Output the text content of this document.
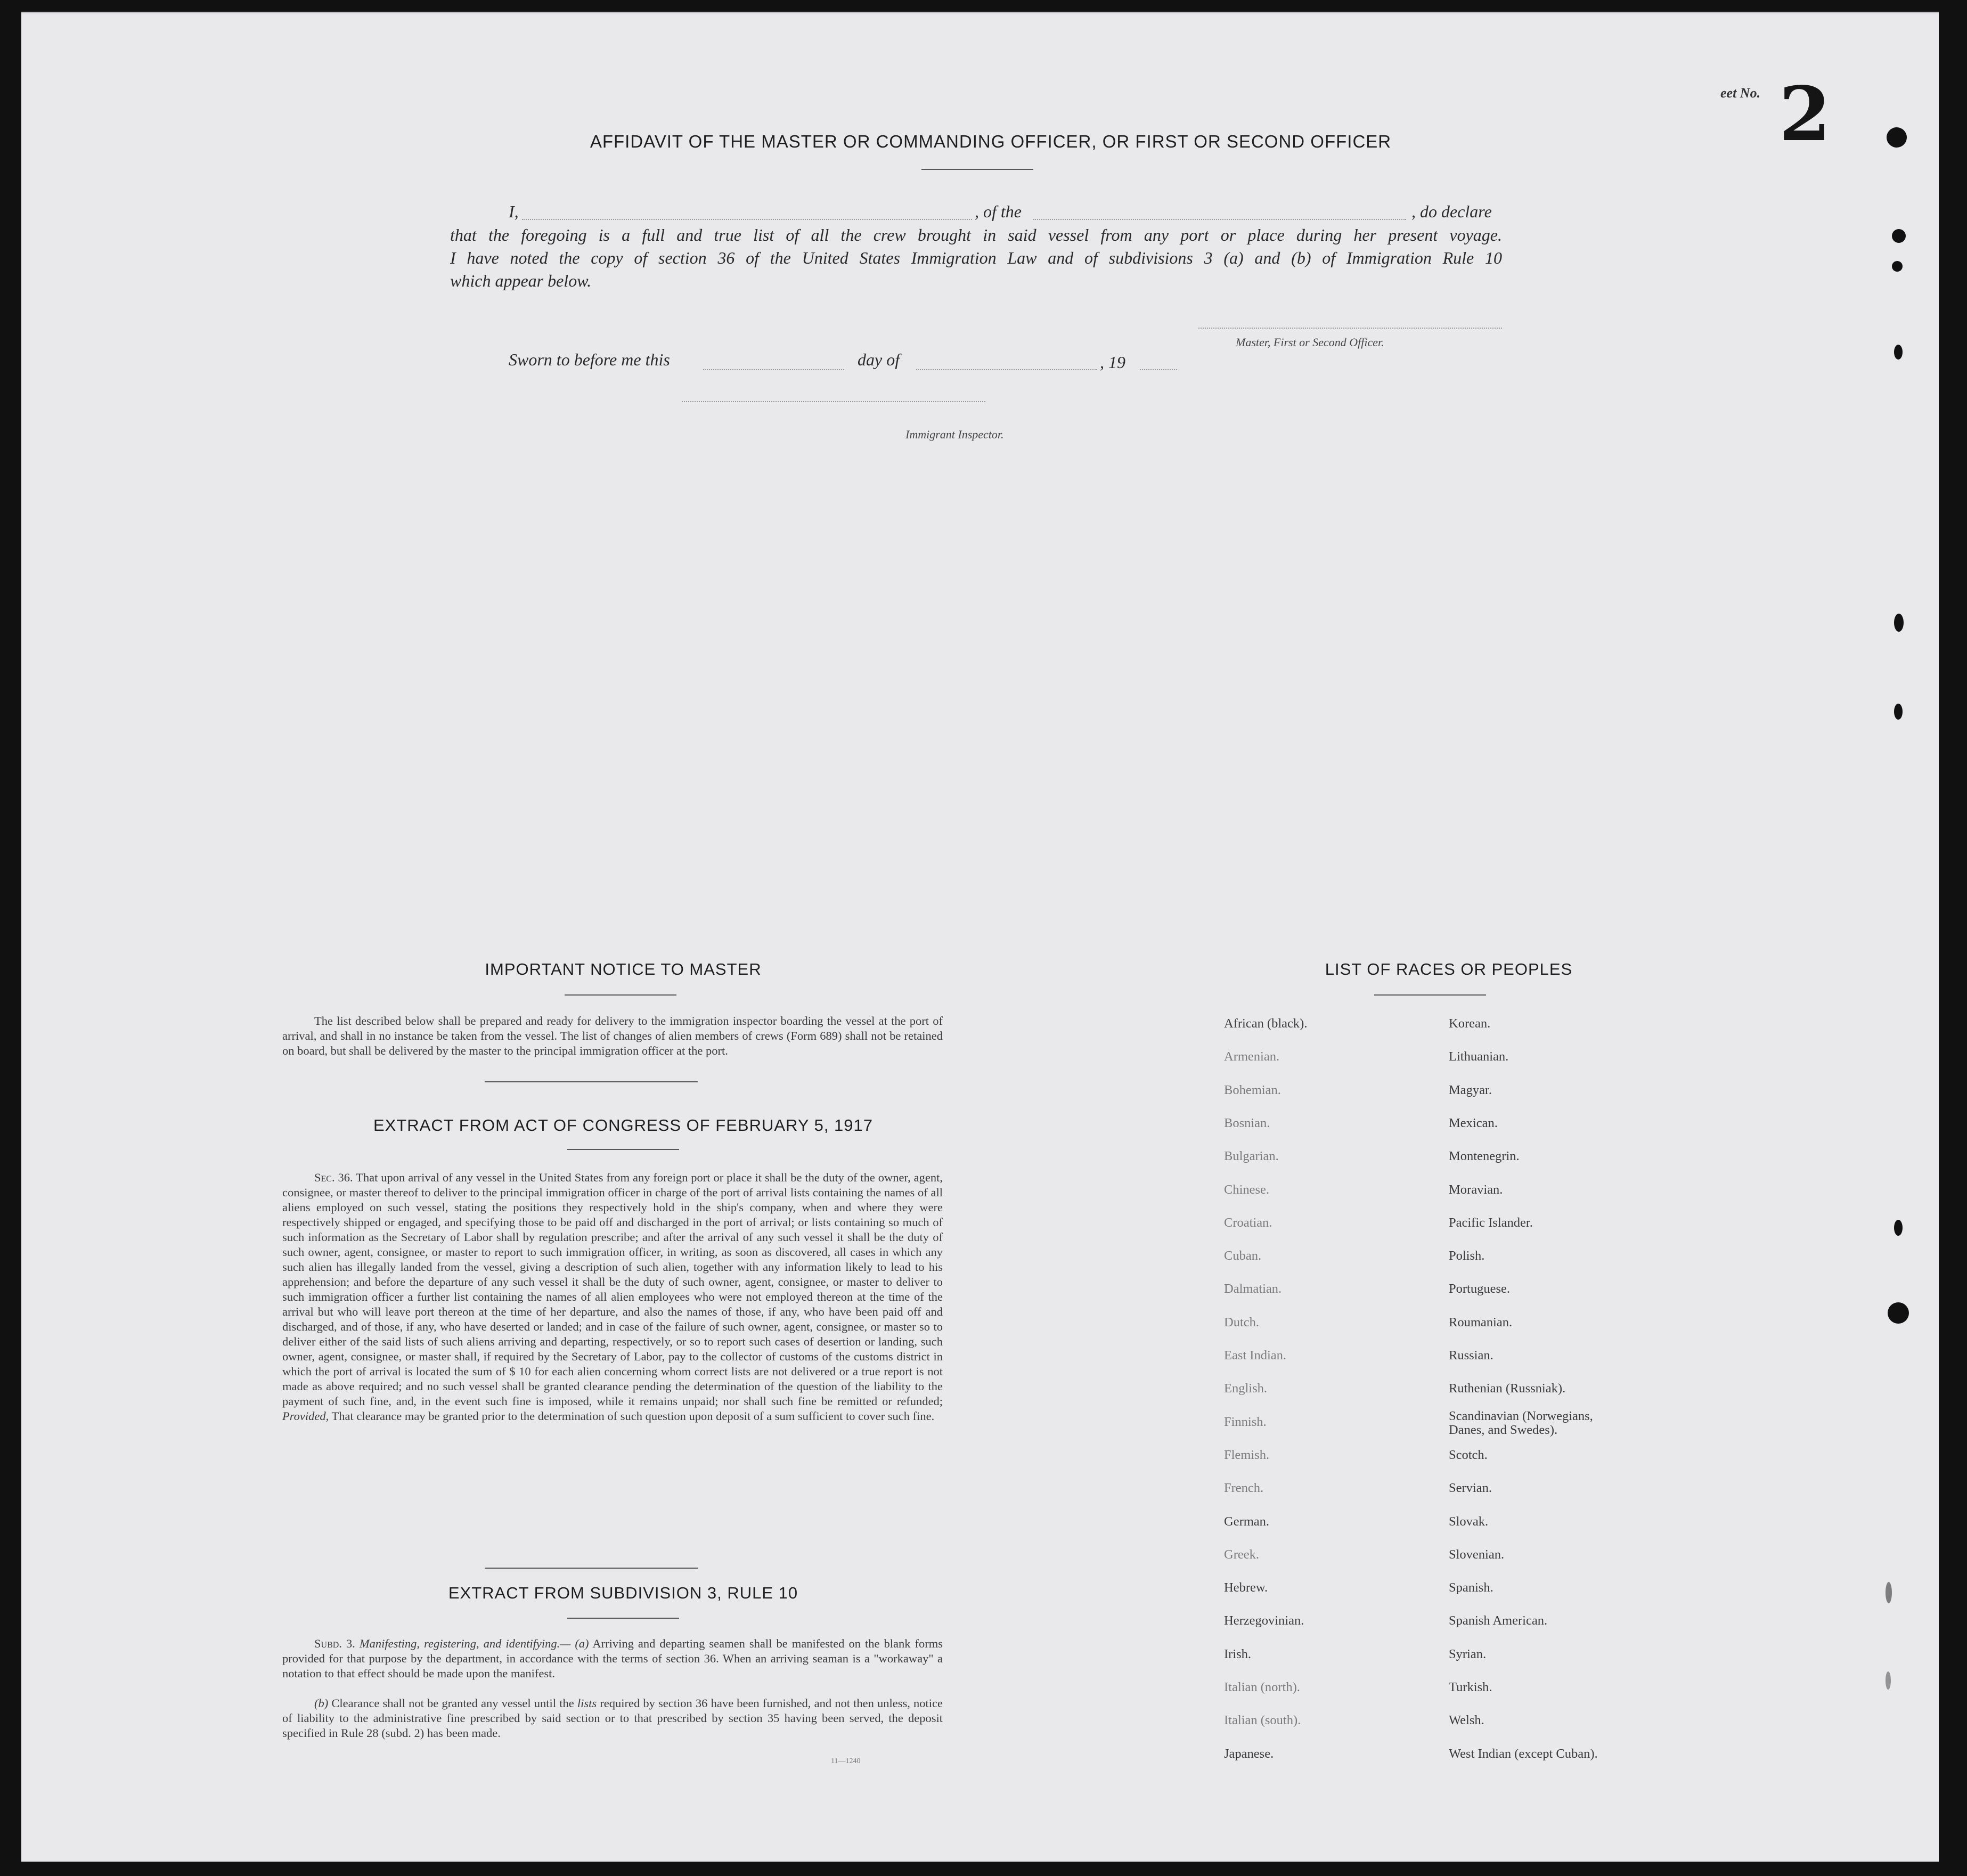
eet No. 2
AFFIDAVIT OF THE MASTER OR COMMANDING OFFICER, OR FIRST OR SECOND OFFICER
I,	, of the	, do declare
that the foregoing is a full and true list of all the crew brought in said vessel from any port or place during her present voyage.
I have noted the copy of section 36 of the United States Immigration Law and of subdivisions 3 (a) and (b) of Immigration Rule 10
which appear below.
Master, First or Second Officer.
Sworn to before me this	day of	, 19
Immigrant Inspector.
IMPORTANT NOTICE TO MASTER
The list described below shall be prepared and ready for delivery to the immigration inspector boarding the vessel at the port of arrival, and shall in no instance be taken from the vessel. The list of changes of alien members of crews (Form 689) shall not be retained on board, but shall be delivered by the master to the principal immigration officer at the port.
EXTRACT FROM ACT OF CONGRESS OF FEBRUARY 5, 1917
Sec. 36. That upon arrival of any vessel in the United States from any foreign port or place it shall be the duty of the owner, agent, consignee, or master thereof to deliver to the principal immigration officer in charge of the port of arrival lists containing the names of all aliens employed on such vessel, stating the positions they respectively hold in the ship's company, when and where they were respectively shipped or engaged, and specifying those to be paid off and discharged in the port of arrival; or lists containing so much of such information as the Secretary of Labor shall by regulation prescribe; and after the arrival of any such vessel it shall be the duty of such owner, agent, consignee, or master to report to such immigration officer, in writing, as soon as discovered, all cases in which any such alien has illegally landed from the vessel, giving a description of such alien, together with any information likely to lead to his apprehension; and before the departure of any such vessel it shall be the duty of such owner, agent, consignee, or master to deliver to such immigration officer a further list containing the names of all alien employees who were not employed thereon at the time of the arrival but who will leave port thereon at the time of her departure, and also the names of those, if any, who have been paid off and discharged, and of those, if any, who have deserted or landed; and in case of the failure of such owner, agent, consignee, or master so to deliver either of the said lists of such aliens arriving and departing, respectively, or so to report such cases of desertion or landing, such owner, agent, consignee, or master shall, if required by the Secretary of Labor, pay to the collector of customs of the customs district in which the port of arrival is located the sum of $ 10 for each alien concerning whom correct lists are not delivered or a true report is not made as above required; and no such vessel shall be granted clearance pending the determination of the question of the liability to the payment of such fine, and, in the event such fine is imposed, while it remains unpaid; nor shall such fine be remitted or refunded; Provided, That clearance may be granted prior to the determination of such question upon deposit of a sum sufficient to cover such fine.
EXTRACT FROM SUBDIVISION 3, RULE 10
Subd. 3. Manifesting, registering, and identifying.— (a) Arriving and departing seamen shall be manifested on the blank forms provided for that purpose by the department, in accordance with the terms of section 36. When an arriving seaman is a "workaway" a notation to that effect should be made upon the manifest.
(b) Clearance shall not be granted any vessel until the lists required by section 36 have been furnished, and not then unless, notice of liability to the administrative fine prescribed by said section or to that prescribed by section 35 having been served, the deposit specified in Rule 28 (subd. 2) has been made.
11—1240
LIST OF RACES OR PEOPLES
African (black).
Armenian.
Bohemian.
Bosnian.
Bulgarian.
Chinese.
Croatian.
Cuban.
Dalmatian.
Dutch.
East Indian.
English.
Finnish.
Flemish.
French.
German.
Greek.
Hebrew.
Herzegovinian.
Irish.
Italian (north).
Italian (south).
Japanese.
Korean.
Lithuanian.
Magyar.
Mexican.
Montenegrin.
Moravian.
Pacific Islander.
Polish.
Portuguese.
Roumanian.
Russian.
Ruthenian (Russniak).
Scandinavian (Norwegians, Danes, and Swedes).
Scotch.
Servian.
Slovak.
Slovenian.
Spanish.
Spanish American.
Syrian.
Turkish.
Welsh.
West Indian (except Cuban).
